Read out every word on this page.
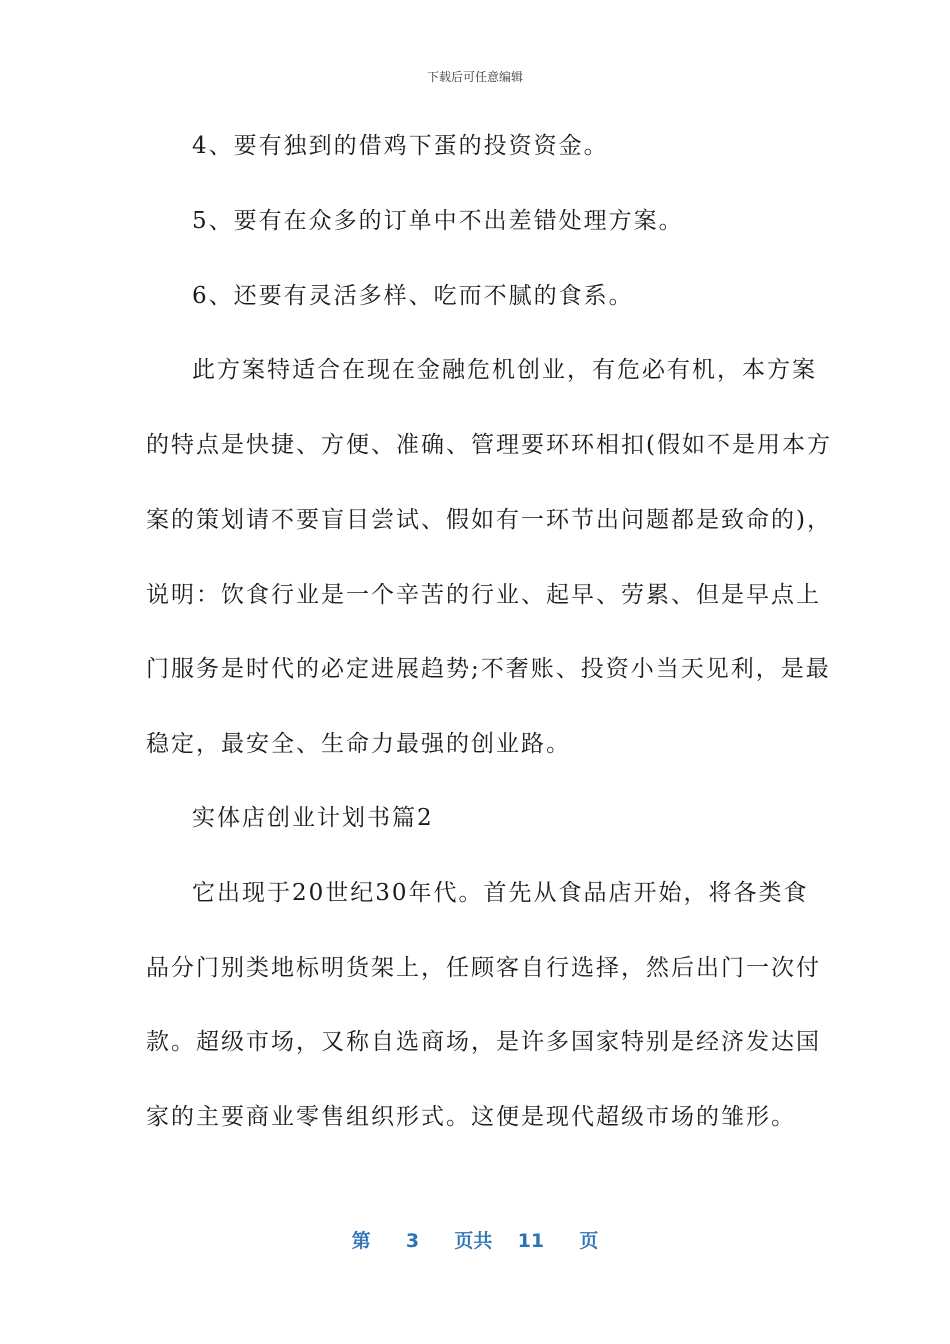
下载后可任意编辑
4、要有独到的借鸡下蛋的投资资金。
5、要有在众多的订单中不出差错处理方案。
6、还要有灵活多样、吃而不腻的食系。
此方案特适合在现在金融危机创业，有危必有机，本方案
的特点是快捷、方便、准确、管理要环环相扣(假如不是用本方
案的策划请不要盲目尝试、假如有一环节出问题都是致命的)，
说明：饮食行业是一个辛苦的行业、起早、劳累、但是早点上
门服务是时代的必定进展趋势;不奢账、投资小当天见利，是最
稳定，最安全、生命力最强的创业路。
实体店创业计划书篇2
它出现于20世纪30年代。首先从食品店开始，将各类食
品分门别类地标明货架上，任顾客自行选择，然后出门一次付
款。超级市场，又称自选商场，是许多国家特别是经济发达国
家的主要商业零售组织形式。这便是现代超级市场的雏形。
第 3 页共 11 页
